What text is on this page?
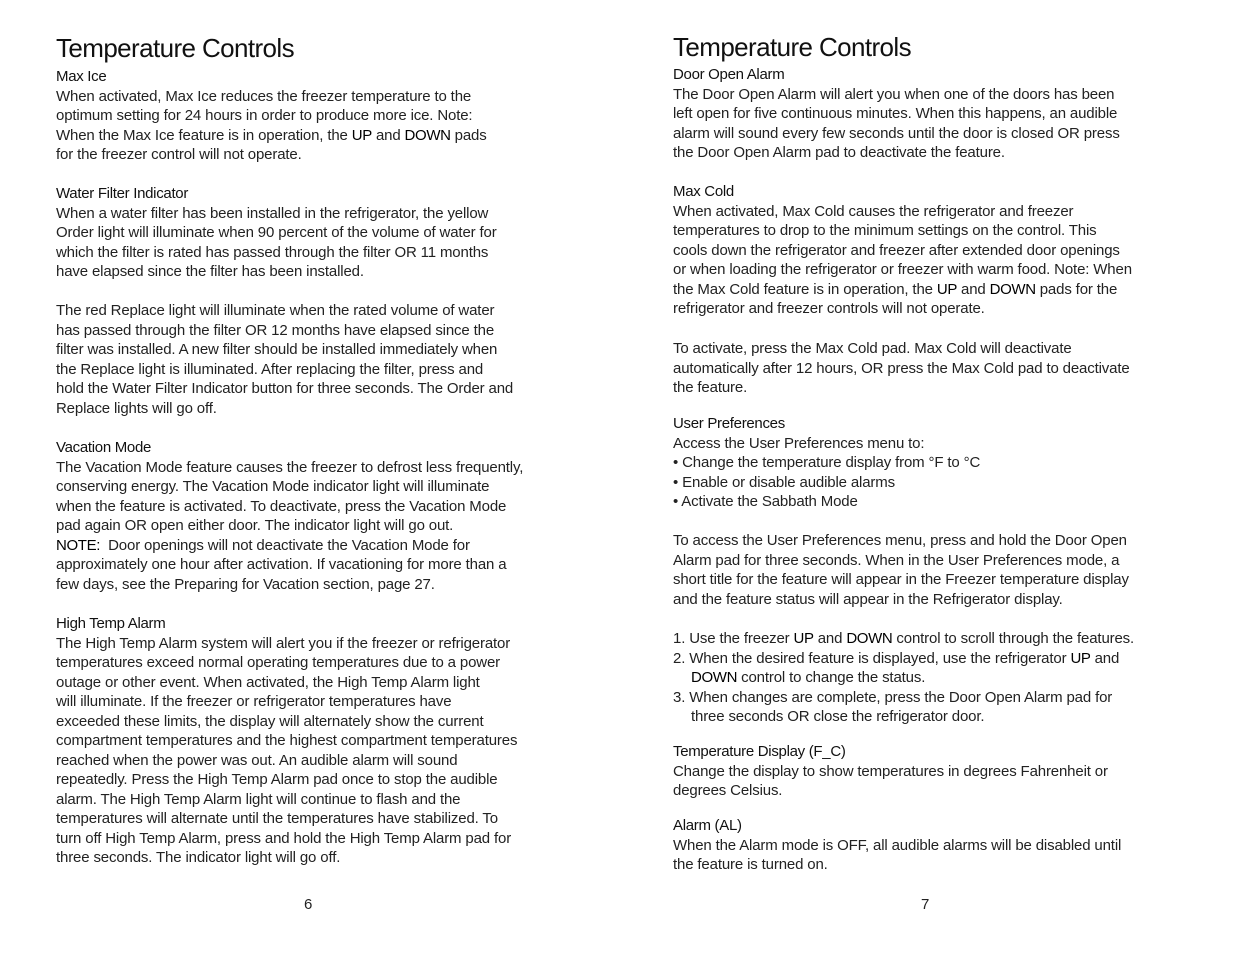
Temperature Controls
Max Ice
When activated, Max Ice reduces the freezer temperature to the
optimum setting for 24 hours in order to produce more ice. Note:
When the Max Ice feature is in operation, the UP and DOWN pads
for the freezer control will not operate.
Water Filter Indicator
When a water filter has been installed in the refrigerator, the yellow
Order light will illuminate when 90 percent of the volume of water for
which the filter is rated has passed through the filter OR 11 months
have elapsed since the filter has been installed.
The red Replace light will illuminate when the rated volume of water
has passed through the filter OR 12 months have elapsed since the
filter was installed. A new filter should be installed immediately when
the Replace light is illuminated. After replacing the filter, press and
hold the Water Filter Indicator button for three seconds. The Order and
Replace lights will go off.
Vacation Mode
The Vacation Mode feature causes the freezer to defrost less frequently,
conserving energy. The Vacation Mode indicator light will illuminate
when the feature is activated. To deactivate, press the Vacation Mode
pad again OR open either door. The indicator light will go out.
NOTE:  Door openings will not deactivate the Vacation Mode for
approximately one hour after activation. If vacationing for more than a
few days, see the Preparing for Vacation section, page 27.
High Temp Alarm
The High Temp Alarm system will alert you if the freezer or refrigerator
temperatures exceed normal operating temperatures due to a power
outage or other event. When activated, the High Temp Alarm light
will illuminate. If the freezer or refrigerator temperatures have
exceeded these limits, the display will alternately show the current
compartment temperatures and the highest compartment temperatures
reached when the power was out. An audible alarm will sound
repeatedly. Press the High Temp Alarm pad once to stop the audible
alarm. The High Temp Alarm light will continue to flash and the
temperatures will alternate until the temperatures have stabilized. To
turn off High Temp Alarm, press and hold the High Temp Alarm pad for
three seconds. The indicator light will go off.
6
Temperature Controls
Door Open Alarm
The Door Open Alarm will alert you when one of the doors has been
left open for five continuous minutes. When this happens, an audible
alarm will sound every few seconds until the door is closed OR press
the Door Open Alarm pad to deactivate the feature.
Max Cold
When activated, Max Cold causes the refrigerator and freezer
temperatures to drop to the minimum settings on the control. This
cools down the refrigerator and freezer after extended door openings
or when loading the refrigerator or freezer with warm food. Note: When
the Max Cold feature is in operation, the UP and DOWN pads for the
refrigerator and freezer controls will not operate.
To activate, press the Max Cold pad. Max Cold will deactivate
automatically after 12 hours, OR press the Max Cold pad to deactivate
the feature.
User Preferences
Access the User Preferences menu to:
• Change the temperature display from °F to °C
• Enable or disable audible alarms
• Activate the Sabbath Mode
To access the User Preferences menu, press and hold the Door Open
Alarm pad for three seconds. When in the User Preferences mode, a
short title for the feature will appear in the Freezer temperature display
and the feature status will appear in the Refrigerator display.
1. Use the freezer UP and DOWN control to scroll through the features.
2. When the desired feature is displayed, use the refrigerator UP and
DOWN control to change the status.
3. When changes are complete, press the Door Open Alarm pad for
three seconds OR close the refrigerator door.
Temperature Display (F_C)
Change the display to show temperatures in degrees Fahrenheit or
degrees Celsius.
Alarm (AL)
When the Alarm mode is OFF, all audible alarms will be disabled until
the feature is turned on.
7
